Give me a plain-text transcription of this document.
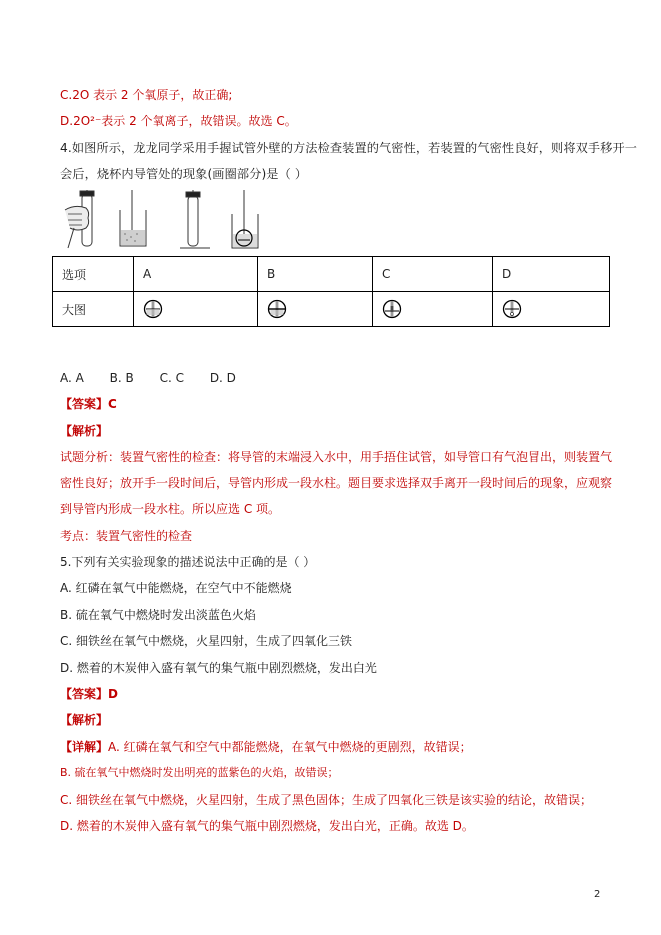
C.2O 表示 2 个氧原子，故正确;
D.2O²⁻表示 2 个氧离子，故错误。故选 C。
4.如图所示，龙龙同学采用手握试管外壁的方法检查装置的气密性，若装置的气密性良好，则将双手移开一
会后，烧杯内导管处的现象(画圈部分)是（ ）
选项	A	B	C	D
大图				
A. A B. B C. C D. D
【答案】C
【解析】
试题分析：装置气密性的检查：将导管的末端浸入水中，用手捂住试管，如导管口有气泡冒出，则装置气
密性良好；放开手一段时间后，导管内形成一段水柱。题目要求选择双手离开一段时间后的现象，应观察
到导管内形成一段水柱。所以应选 C 项。
考点：装置气密性的检查
5.下列有关实验现象的描述说法中正确的是（ ）
A. 红磷在氧气中能燃烧，在空气中不能燃烧
B. 硫在氧气中燃烧时发出淡蓝色火焰
C. 细铁丝在氧气中燃烧，火星四射，生成了四氧化三铁
D. 燃着的木炭伸入盛有氧气的集气瓶中剧烈燃烧，发出白光
【答案】D
【解析】
【详解】A. 红磷在氧气和空气中都能燃烧，在氧气中燃烧的更剧烈，故错误；
B. 硫在氧气中燃烧时发出明亮的蓝紫色的火焰，故错误；
C. 细铁丝在氧气中燃烧，火星四射，生成了黑色固体；生成了四氧化三铁是该实验的结论，故错误；
D. 燃着的木炭伸入盛有氧气的集气瓶中剧烈燃烧，发出白光，正确。故选 D。
2
